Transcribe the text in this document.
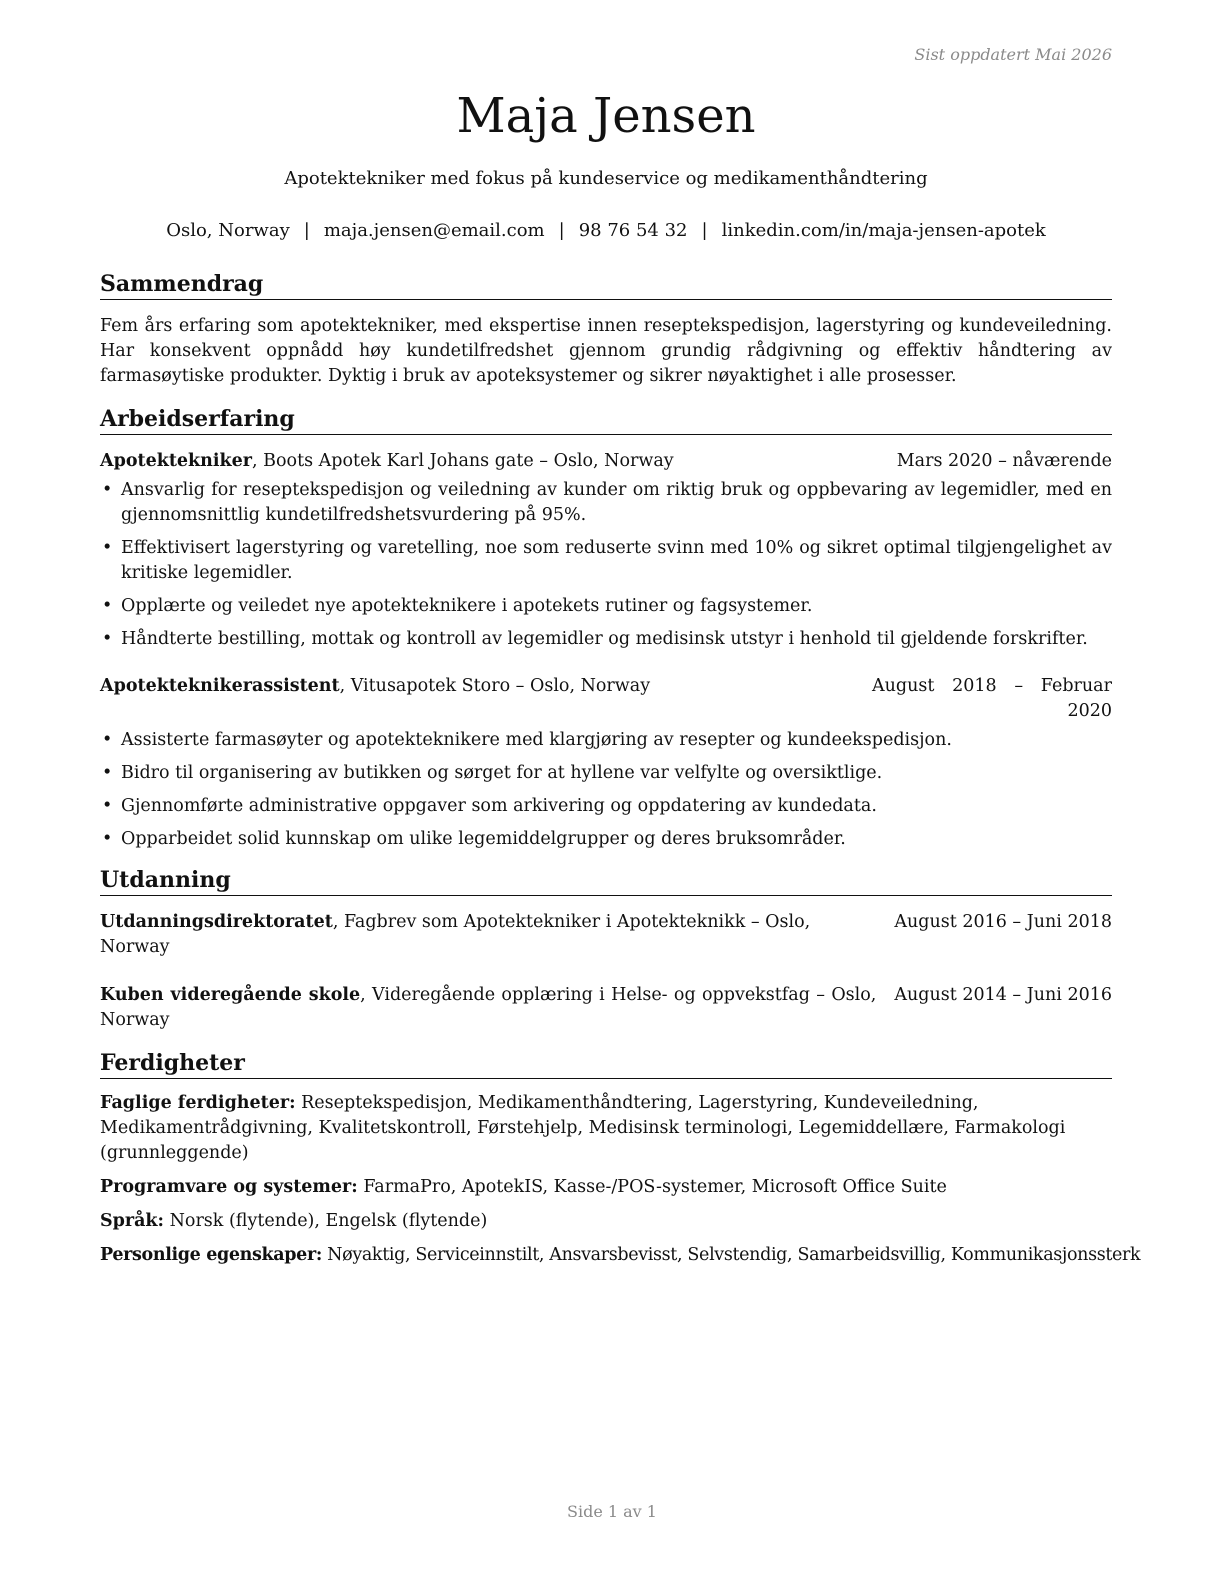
Sist oppdatert Mai 2026
Maja Jensen
Apotektekniker med fokus på kundeservice og medikamenthåndtering
Oslo, Norway | maja.jensen@email.com | 98 76 54 32 | linkedin.com/in/maja-jensen-apotek
Sammendrag

Fem års erfaring som apotektekniker, med ekspertise innen reseptekspedisjon, lagerstyring og kundeveiledning. Har konsekvent oppnådd høy kundetilfredshet gjennom grundig rådgivning og effektiv håndtering av farmasøytiske produkter. Dyktig i bruk av apoteksystemer og sikrer nøyaktighet i alle prosesser.

Arbeidserfaring
Apotektekniker, Boots Apotek Karl Johans gate – Oslo, Norway	Mars 2020 – nåværende
• Ansvarlig for reseptekspedisjon og veiledning av kunder om riktig bruk og oppbevaring av legemidler, med en gjennomsnittlig kundetilfredshetsvurdering på 95%.
• Effektivisert lagerstyring og varetelling, noe som reduserte svinn med 10% og sikret optimal tilgjengelighet av kritiske legemidler.
• Opplærte og veiledet nye apotekteknikere i apotekets rutiner og fagsystemer.
• Håndterte bestilling, mottak og kontroll av legemidler og medisinsk utstyr i henhold til gjeldende forskrifter.
Apotekteknikerassistent, Vitusapotek Storo – Oslo, Norway	August 2018 – Februar 2020
• Assisterte farmasøyter og apotekteknikere med klargjøring av resepter og kundeekspedisjon.
• Bidro til organisering av butikken og sørget for at hyllene var velfylte og oversiktlige.
• Gjennomførte administrative oppgaver som arkivering og oppdatering av kundedata.
• Opparbeidet solid kunnskap om ulike legemiddelgrupper og deres bruksområder.
Utdanning
Utdanningsdirektoratet, Fagbrev som Apotektekniker i Apotekteknikk – Oslo, Norway
August 2016 – Juni 2018
Kuben videregående skole, Videregående opplæring i Helse- og oppvekstfag – Oslo, Norway
August 2014 – Juni 2016
Ferdigheter

Faglige ferdigheter: Reseptekspedisjon, Medikamenthåndtering, Lagerstyring, Kundeveiledning, Medikamentrådgivning, Kvalitetskontroll, Førstehjelp, Medisinsk terminologi, Legemiddellære, Farmakologi (grunnleggende)

Programvare og systemer: FarmaPro, ApotekIS, Kasse-/POS-systemer, Microsoft Office Suite

Språk: Norsk (flytende), Engelsk (flytende)

Personlige egenskaper: Nøyaktig, Serviceinnstilt, Ansvarsbevisst, Selvstendig, Samarbeidsvillig, Kommunikasjonssterk

Side 1 av 1
